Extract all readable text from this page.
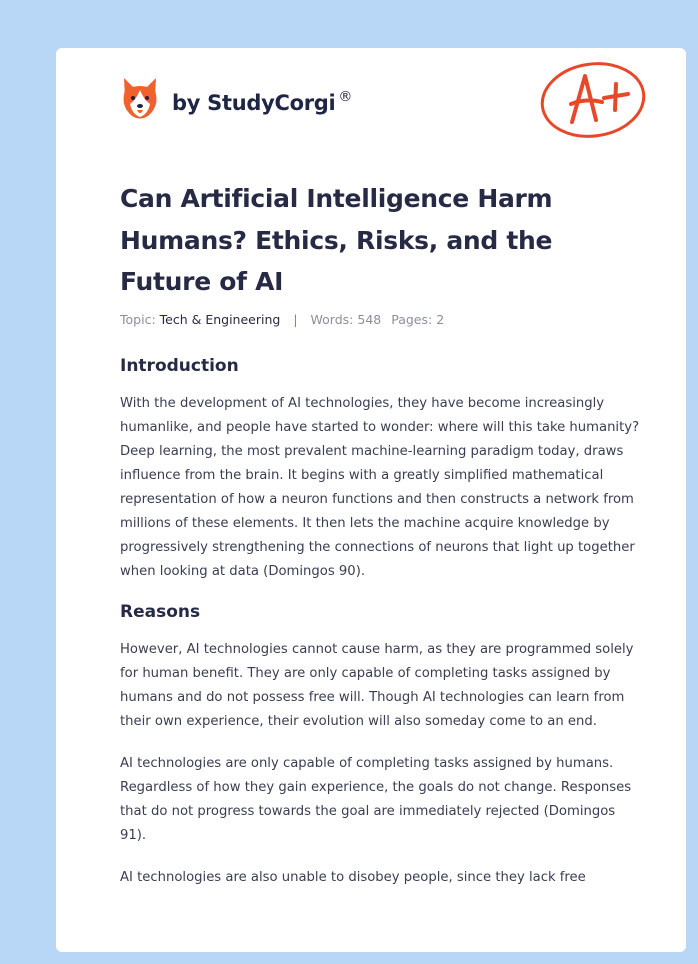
by StudyCorgi ®
A+
Can Artificial Intelligence Harm Humans? Ethics, Risks, and the Future of AI
Topic: Tech & Engineering | Words: 548 Pages: 2
Introduction

With the development of AI technologies, they have become increasingly humanlike, and people have started to wonder: where will this take humanity? Deep learning, the most prevalent machine-learning paradigm today, draws influence from the brain. It begins with a greatly simplified mathematical representation of how a neuron functions and then constructs a network from millions of these elements. It then lets the machine acquire knowledge by progressively strengthening the connections of neurons that light up together when looking at data (Domingos 90).

Reasons

However, AI technologies cannot cause harm, as they are programmed solely for human benefit. They are only capable of completing tasks assigned by humans and do not possess free will. Though AI technologies can learn from their own experience, their evolution will also someday come to an end.

AI technologies are only capable of completing tasks assigned by humans. Regardless of how they gain experience, the goals do not change. Responses that do not progress towards the goal are immediately rejected (Domingos 91).

AI technologies are also unable to disobey people, since they lack free
